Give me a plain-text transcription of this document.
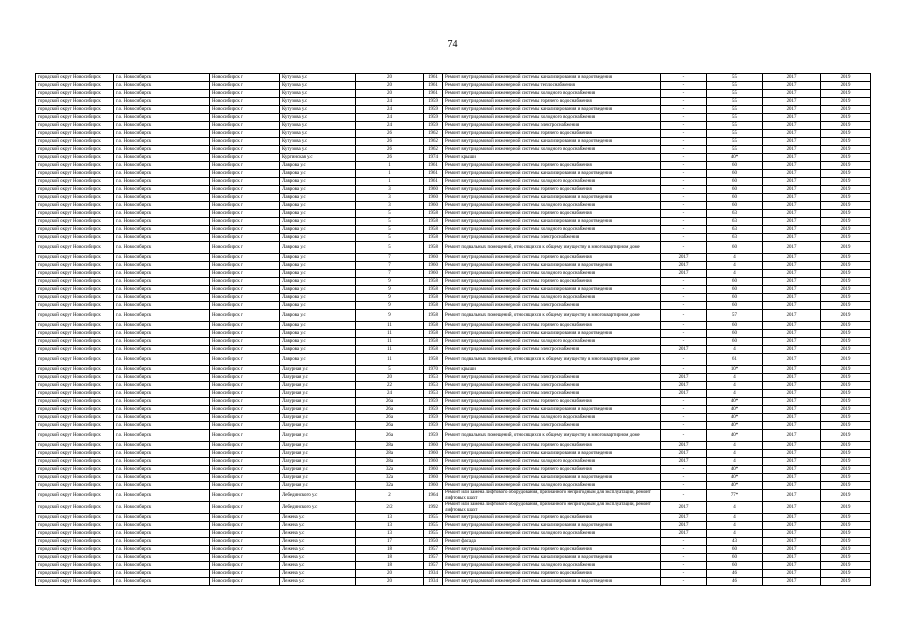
74
городской округ Новосибирск	г.о. Новосибирск	Новосибирск г	Кутузова у.с	20	1961	Ремонт внутридомовой инженерной системы канализирования и водоотведения	-	55	2017	2019
городской округ Новосибирск	г.о. Новосибирск	Новосибирск г	Кутузова у.с	20	1961	Ремонт внутридомовой инженерной системы теплоснабжения	-	55	2017	2019
городской округ Новосибирск	г.о. Новосибирск	Новосибирск г	Кутузова у.с	20	1961	Ремонт внутридомовой инженерной системы холодного водоснабжения	-	55	2017	2019
городской округ Новосибирск	г.о. Новосибирск	Новосибирск г	Кутузова у.с	24	1959	Ремонт внутридомовой инженерной системы горячего водоснабжения	-	55	2017	2019
городской округ Новосибирск	г.о. Новосибирск	Новосибирск г	Кутузова у.с	24	1959	Ремонт внутридомовой инженерной системы канализирования и водоотведения	-	55	2017	2019
городской округ Новосибирск	г.о. Новосибирск	Новосибирск г	Кутузова у.с	24	1959	Ремонт внутридомовой инженерной системы холодного водоснабжения	-	55	2017	2019
городской округ Новосибирск	г.о. Новосибирск	Новосибирск г	Кутузова у.с	24	1959	Ремонт внутридомовой инженерной системы электроснабжения	-	55	2017	2019
городской округ Новосибирск	г.о. Новосибирск	Новосибирск г	Кутузова у.с	26	1962	Ремонт внутридомовой инженерной системы горячего водоснабжения	-	55	2017	2019
городской округ Новосибирск	г.о. Новосибирск	Новосибирск г	Кутузова у.с	26	1962	Ремонт внутридомовой инженерной системы канализирования и водоотведения	-	55	2017	2019
городской округ Новосибирск	г.о. Новосибирск	Новосибирск г	Кутузова у.с	26	1962	Ремонт внутридомовой инженерной системы холодного водоснабжения	-	55	2017	2019
городской округ Новосибирск	г.о. Новосибирск	Новосибирск г	Кургинская у.с	26	1974	Ремонт крыши	-	40*	2017	2019
городской округ Новосибирск	г.о. Новосибирск	Новосибирск г	Лаврова у.с	1	1961	Ремонт внутридомовой инженерной системы горячего водоснабжения	-	60	2017	2019
городской округ Новосибирск	г.о. Новосибирск	Новосибирск г	Лаврова у.с	1	1961	Ремонт внутридомовой инженерной системы канализирования и водоотведения	-	60	2017	2019
городской округ Новосибирск	г.о. Новосибирск	Новосибирск г	Лаврова у.с	1	1961	Ремонт внутридомовой инженерной системы холодного водоснабжения	-	60	2017	2019
городской округ Новосибирск	г.о. Новосибирск	Новосибирск г	Лаврова у.с	3	1960	Ремонт внутридомовой инженерной системы горячего водоснабжения	-	60	2017	2019
городской округ Новосибирск	г.о. Новосибирск	Новосибирск г	Лаврова у.с	3	1960	Ремонт внутридомовой инженерной системы канализирования и водоотведения	-	60	2017	2019
городской округ Новосибирск	г.о. Новосибирск	Новосибирск г	Лаврова у.с	3	1960	Ремонт внутридомовой инженерной системы холодного водоснабжения	-	60	2017	2019
городской округ Новосибирск	г.о. Новосибирск	Новосибирск г	Лаврова у.с	5	1958	Ремонт внутридомовой инженерной системы горячего водоснабжения	-	63	2017	2019
городской округ Новосибирск	г.о. Новосибирск	Новосибирск г	Лаврова у.с	5	1958	Ремонт внутридомовой инженерной системы канализирования и водоотведения	-	63	2017	2019
городской округ Новосибирск	г.о. Новосибирск	Новосибирск г	Лаврова у.с	5	1958	Ремонт внутридомовой инженерной системы холодного водоснабжения	-	63	2017	2019
городской округ Новосибирск	г.о. Новосибирск	Новосибирск г	Лаврова у.с	5	1958	Ремонт внутридомовой инженерной системы электроснабжения	-	63	2017	2019
городской округ Новосибирск	г.о. Новосибирск	Новосибирск г	Лаврова у.с	5	1958	Ремонт подвальных помещений, относящихся к общему имуществу в многоквартирном доме	-	60	2017	2019
городской округ Новосибирск	г.о. Новосибирск	Новосибирск г	Лаврова у.с	7	1960	Ремонт внутридомовой инженерной системы горячего водоснабжения	2017	4	2017	2019
городской округ Новосибирск	г.о. Новосибирск	Новосибирск г	Лаврова у.с	7	1960	Ремонт внутридомовой инженерной системы канализирования и водоотведения	2017	4	2017	2019
городской округ Новосибирск	г.о. Новосибирск	Новосибирск г	Лаврова у.с	7	1960	Ремонт внутридомовой инженерной системы холодного водоснабжения	2017	4	2017	2019
городской округ Новосибирск	г.о. Новосибирск	Новосибирск г	Лаврова у.с	9	1958	Ремонт внутридомовой инженерной системы горячего водоснабжения	-	60	2017	2019
городской округ Новосибирск	г.о. Новосибирск	Новосибирск г	Лаврова у.с	9	1958	Ремонт внутридомовой инженерной системы канализирования и водоотведения	-	60	2017	2019
городской округ Новосибирск	г.о. Новосибирск	Новосибирск г	Лаврова у.с	9	1958	Ремонт внутридомовой инженерной системы холодного водоснабжения	-	60	2017	2019
городской округ Новосибирск	г.о. Новосибирск	Новосибирск г	Лаврова у.с	9	1958	Ремонт внутридомовой инженерной системы электроснабжения	-	60	2017	2019
городской округ Новосибирск	г.о. Новосибирск	Новосибирск г	Лаврова у.с	9	1958	Ремонт подвальных помещений, относящихся к общему имуществу в многоквартирном доме	-	57	2017	2019
городской округ Новосибирск	г.о. Новосибирск	Новосибирск г	Лаврова у.с	11	1958	Ремонт внутридомовой инженерной системы горячего водоснабжения	-	60	2017	2019
городской округ Новосибирск	г.о. Новосибирск	Новосибирск г	Лаврова у.с	11	1958	Ремонт внутридомовой инженерной системы канализирования и водоотведения	-	60	2017	2019
городской округ Новосибирск	г.о. Новосибирск	Новосибирск г	Лаврова у.с	11	1958	Ремонт внутридомовой инженерной системы холодного водоснабжения	-	60	2017	2019
городской округ Новосибирск	г.о. Новосибирск	Новосибирск г	Лаврова у.с	11	1958	Ремонт внутридомовой инженерной системы электроснабжения	2017	4	2017	2019
городской округ Новосибирск	г.о. Новосибирск	Новосибирск г	Лаврова у.с	11	1958	Ремонт подвальных помещений, относящихся к общему имуществу в многоквартирном доме	-	61	2017	2019
городской округ Новосибирск	г.о. Новосибирск	Новосибирск г	Лазурная у.с	5	1970	Ремонт крыши	-	10*	2017	2019
городской округ Новосибирск	г.о. Новосибирск	Новосибирск г	Лазурная у.с	20	1953	Ремонт внутридомовой инженерной системы электроснабжения	2017	4	2017	2019
городской округ Новосибирск	г.о. Новосибирск	Новосибирск г	Лазурная у.с	22	1953	Ремонт внутридомовой инженерной системы электроснабжения	2017	4	2017	2019
городской округ Новосибирск	г.о. Новосибирск	Новосибирск г	Лазурная у.с	24	1953	Ремонт внутридомовой инженерной системы электроснабжения	2017	4	2017	2019
городской округ Новосибирск	г.о. Новосибирск	Новосибирск г	Лазурная у.с	26а	1959	Ремонт внутридомовой инженерной системы горячего водоснабжения	-	40*	2017	2019
городской округ Новосибирск	г.о. Новосибирск	Новосибирск г	Лазурная у.с	26а	1959	Ремонт внутридомовой инженерной системы канализирования и водоотведения	-	40*	2017	2019
городской округ Новосибирск	г.о. Новосибирск	Новосибирск г	Лазурная у.с	26а	1959	Ремонт внутридомовой инженерной системы холодного водоснабжения	-	40*	2017	2019
городской округ Новосибирск	г.о. Новосибирск	Новосибирск г	Лазурная у.с	26а	1959	Ремонт внутридомовой инженерной системы электроснабжения	-	40*	2017	2019
городской округ Новосибирск	г.о. Новосибирск	Новосибирск г	Лазурная у.с	26а	1959	Ремонт подвальных помещений, относящихся к общему имуществу в многоквартирном доме	-	40*	2017	2019
городской округ Новосибирск	г.о. Новосибирск	Новосибирск г	Лазурная у.с	28а	1960	Ремонт внутридомовой инженерной системы горячего водоснабжения	2017	4	2017	2019
городской округ Новосибирск	г.о. Новосибирск	Новосибирск г	Лазурная у.с	28а	1960	Ремонт внутридомовой инженерной системы канализирования и водоотведения	2017	4	2017	2019
городской округ Новосибирск	г.о. Новосибирск	Новосибирск г	Лазурная у.с	28а	1960	Ремонт внутридомовой инженерной системы холодного водоснабжения	2017	4	2017	2019
городской округ Новосибирск	г.о. Новосибирск	Новосибирск г	Лазурная у.с	32а	1960	Ремонт внутридомовой инженерной системы горячего водоснабжения	-	40*	2017	2019
городской округ Новосибирск	г.о. Новосибирск	Новосибирск г	Лазурная у.с	32а	1960	Ремонт внутридомовой инженерной системы канализирования и водоотведения	-	40*	2017	2019
городской округ Новосибирск	г.о. Новосибирск	Новосибирск г	Лазурная у.с	32а	1960	Ремонт внутридомовой инженерной системы холодного водоснабжения	-	40*	2017	2019
городской округ Новосибирск	г.о. Новосибирск	Новосибирск г	Лебединского у.с	2	1964	Ремонт или замена лифтового оборудования, признанного непригодным для эксплуатации, ремонт лифтовых шахт	-	77*	2017	2019
городской округ Новосибирск	г.о. Новосибирск	Новосибирск г	Лебединского у.с	2/2	1992	Ремонт или замена лифтового оборудования, признанного непригодным для эксплуатации, ремонт лифтовых шахт	2017	4	2017	2019
городской округ Новосибирск	г.о. Новосибирск	Новосибирск г	Лежена у.с	13	1955	Ремонт внутридомовой инженерной системы горячего водоснабжения	2017	4	2017	2019
городской округ Новосибирск	г.о. Новосибирск	Новосибирск г	Лежена у.с	13	1955	Ремонт внутридомовой инженерной системы канализирования и водоотведения	2017	4	2017	2019
городской округ Новосибирск	г.о. Новосибирск	Новосибирск г	Лежена у.с	13	1955	Ремонт внутридомовой инженерной системы холодного водоснабжения	2017	4	2017	2019
городской округ Новосибирск	г.о. Новосибирск	Новосибирск г	Лежена у.с	17	1950	Ремонт фасада	-	43	2017	2019
городской округ Новосибирск	г.о. Новосибирск	Новосибирск г	Лежена у.с	18	1957	Ремонт внутридомовой инженерной системы горячего водоснабжения	-	60	2017	2019
городской округ Новосибирск	г.о. Новосибирск	Новосибирск г	Лежена у.с	18	1957	Ремонт внутридомовой инженерной системы канализирования и водоотведения	-	60	2017	2019
городской округ Новосибирск	г.о. Новосибирск	Новосибирск г	Лежена у.с	18	1957	Ремонт внутридомовой инженерной системы холодного водоснабжения	-	60	2017	2019
городской округ Новосибирск	г.о. Новосибирск	Новосибирск г	Лежена у.с	20	1934	Ремонт внутридомовой инженерной системы горячего водоснабжения	-	46	2017	2019
городской округ Новосибирск	г.о. Новосибирск	Новосибирск г	Лежена у.с	20	1934	Ремонт внутридомовой инженерной системы канализирования и водоотведения	-	46	2017	2019
